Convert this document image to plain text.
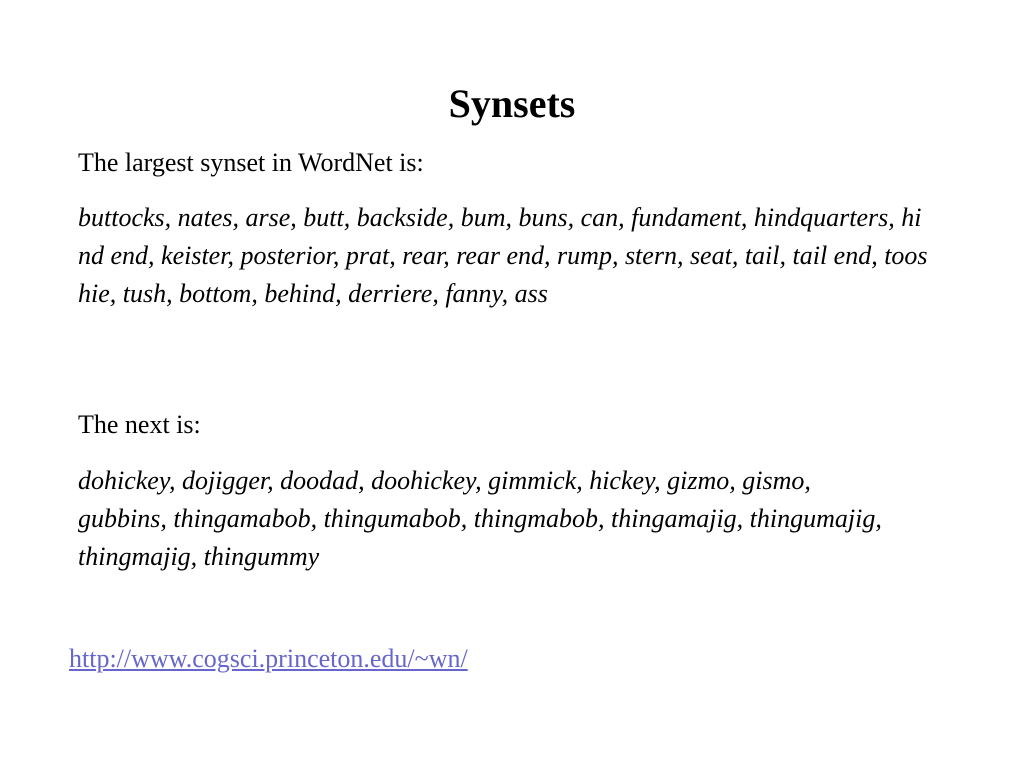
Synsets

The largest synset in WordNet is:

buttocks, nates, arse, butt, backside, bum, buns, can, fundament, hindquarters, hind end, keister, posterior, prat, rear, rear end, rump, stern, seat, tail, tail end, tooshie, tush, bottom, behind, derriere, fanny, ass

The next is:

dohickey, dojigger, doodad, doohickey, gimmick, hickey, gizmo, gismo, gubbins, thingamabob, thingumabob, thingmabob, thingamajig, thingumajig, thingmajig, thingummy

http://www.cogsci.princeton.edu/~wn/
